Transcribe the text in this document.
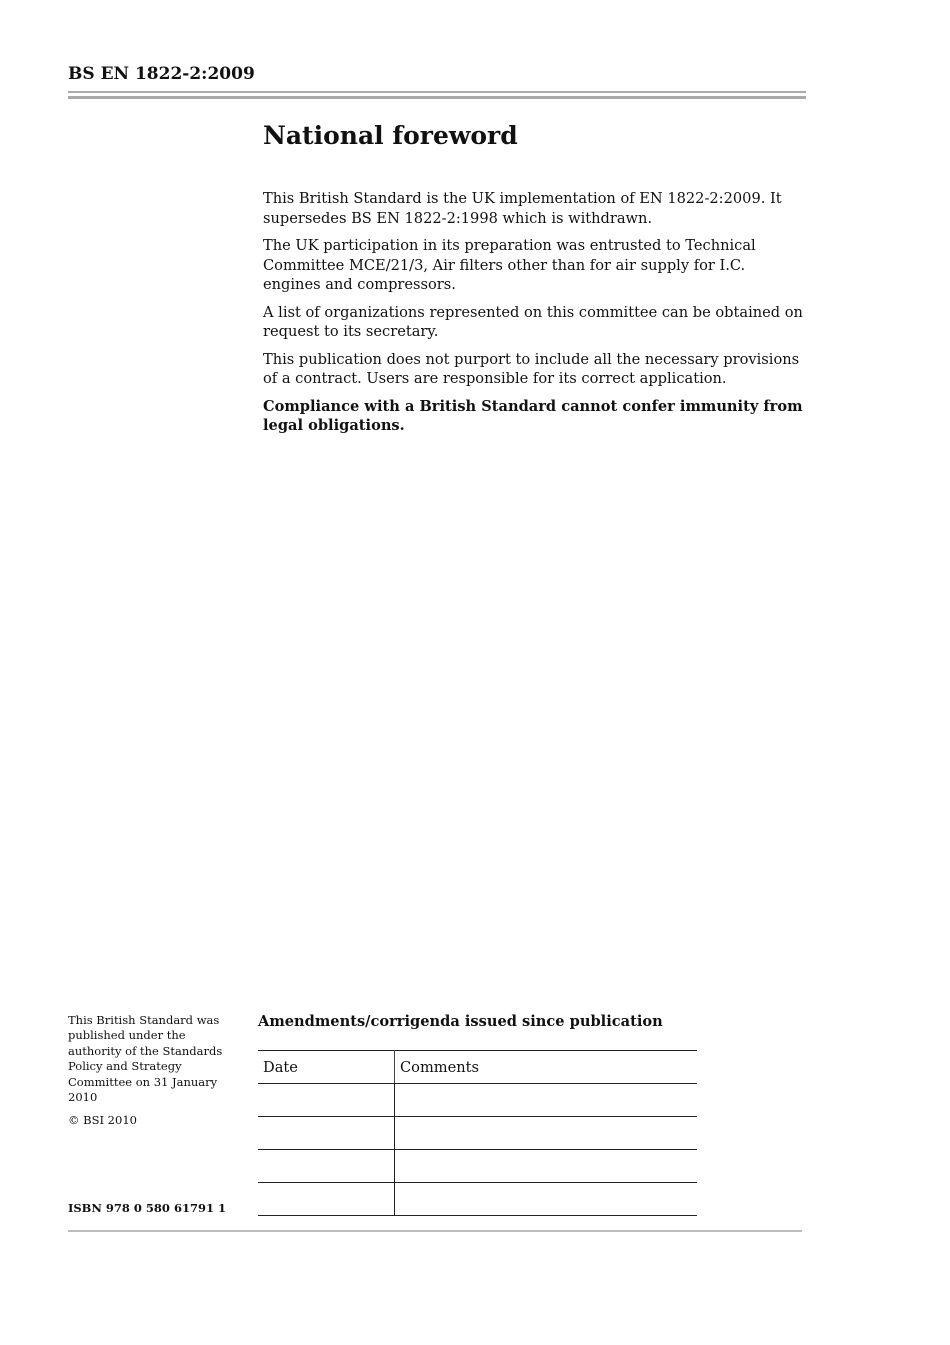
BS EN 1822-2:2009
National foreword

This British Standard is the UK implementation of EN 1822-2:2009. It supersedes BS EN 1822-2:1998 which is withdrawn.

The UK participation in its preparation was entrusted to Technical Committee MCE/21/3, Air filters other than for air supply for I.C. engines and compressors.

A list of organizations represented on this committee can be obtained on request to its secretary.

This publication does not purport to include all the necessary provisions of a contract. Users are responsible for its correct application.

Compliance with a British Standard cannot confer immunity from legal obligations.

This British Standard was published under the authority of the Standards Policy and Strategy Committee on 31 January 2010

© BSI 2010

ISBN 978 0 580 61791 1
Amendments/corrigenda issued since publication
Date	Comments
